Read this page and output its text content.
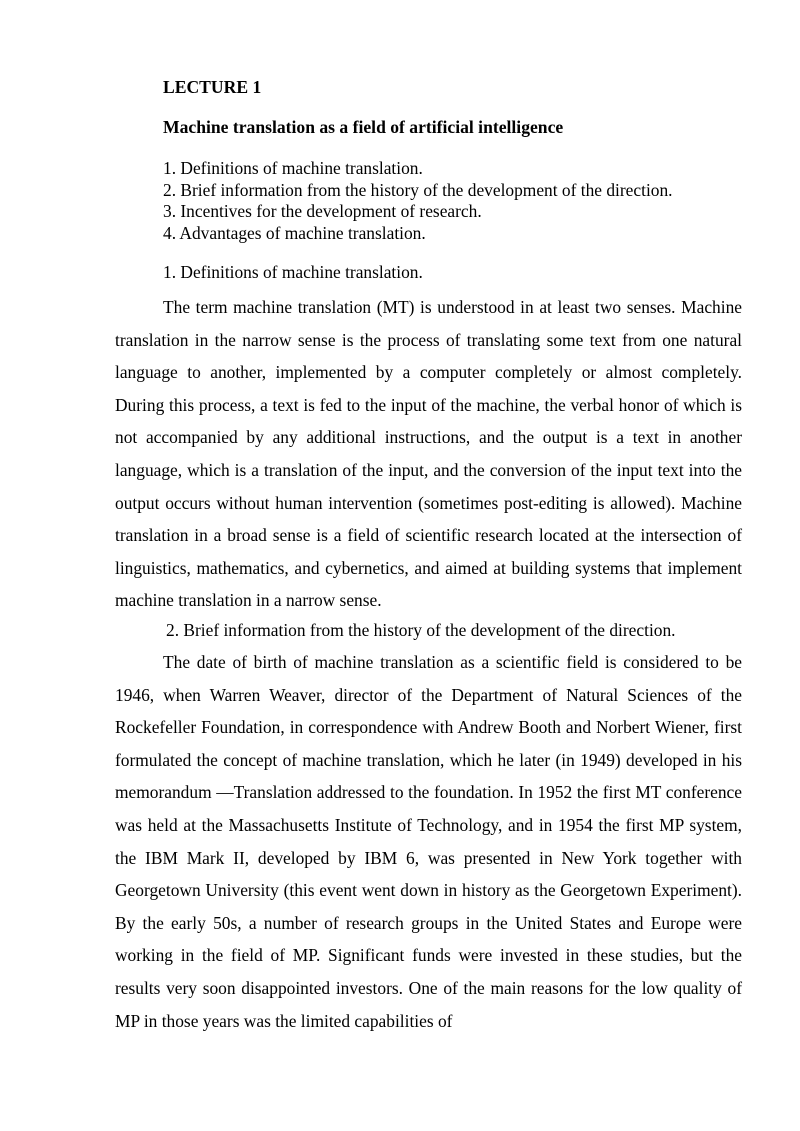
LECTURE 1
Machine translation as a field of artificial intelligence
1. Definitions of machine translation.
2. Brief information from the history of the development of the direction.
3. Incentives for the development of research.
4. Advantages of machine translation.
1. Definitions of machine translation.

The term machine translation (MT) is understood in at least two senses. Machine translation in the narrow sense is the process of translating some text from one natural language to another, implemented by a computer completely or almost completely. During this process, a text is fed to the input of the machine, the verbal honor of which is not accompanied by any additional instructions, and the output is a text in another language, which is a translation of the input, and the conversion of the input text into the output occurs without human intervention (sometimes post-editing is allowed). Machine translation in a broad sense is a field of scientific research located at the intersection of linguistics, mathematics, and cybernetics, and aimed at building systems that implement machine translation in a narrow sense.

2. Brief information from the history of the development of the direction.

The date of birth of machine translation as a scientific field is considered to be 1946, when Warren Weaver, director of the Department of Natural Sciences of the Rockefeller Foundation, in correspondence with Andrew Booth and Norbert Wiener, first formulated the concept of machine translation, which he later (in 1949) developed in his memorandum —Translation addressed to the foundation. In 1952 the first MT conference was held at the Massachusetts Institute of Technology, and in 1954 the first MP system, the IBM Mark II, developed by IBM 6, was presented in New York together with Georgetown University (this event went down in history as the Georgetown Experiment). By the early 50s, a number of research groups in the United States and Europe were working in the field of MP. Significant funds were invested in these studies, but the results very soon disappointed investors. One of the main reasons for the low quality of MP in those years was the limited capabilities of
